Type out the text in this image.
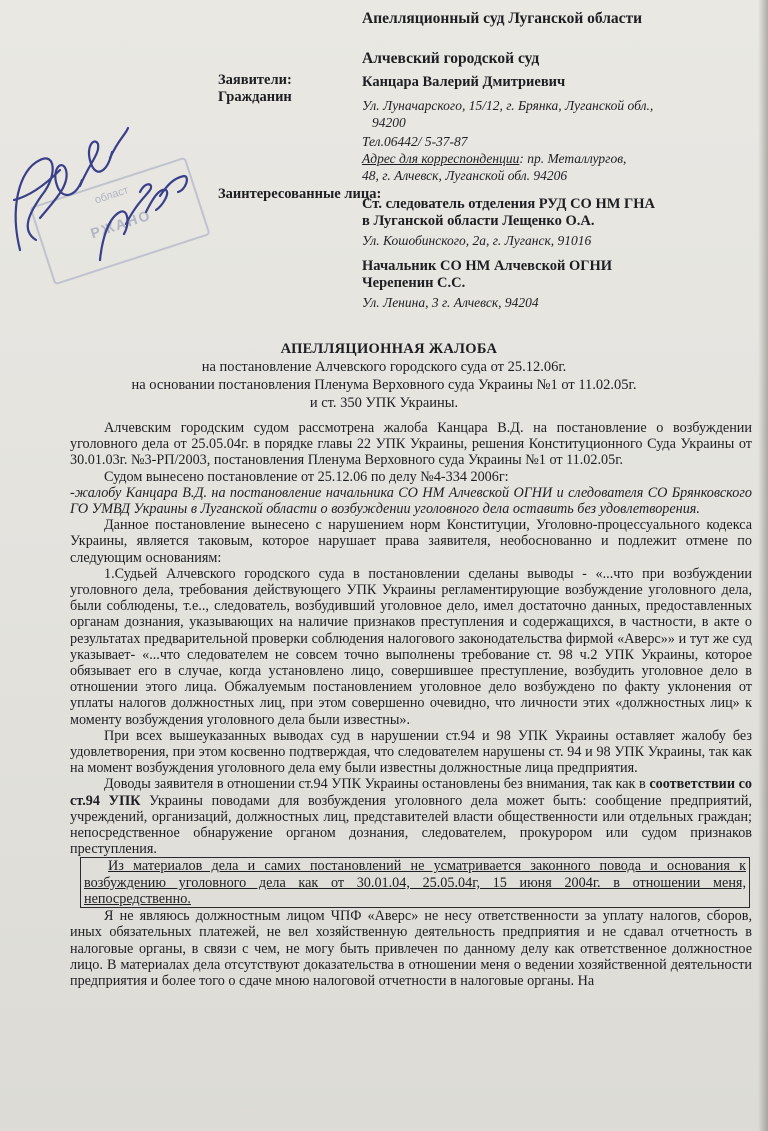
област
РЖАНО
Апелляционный суд Луганской области
Алчевский городской суд
Заявители:
Гражданин
Канцара Валерий Дмитриевич
Ул. Луначарского, 15/12, г. Брянка, Луганской обл.,
94200
Тел.06442/ 5-37-87
Адрес для корреспонденции: пр. Металлургов,
48, г. Алчевск, Луганской обл. 94206
Заинтересованные лица:
Ст. следователь отделения РУД СО НМ ГНА
в Луганской области Лещенко О.А.
Ул. Кошобинского, 2а, г. Луганск, 91016
Начальник СО НМ Алчевской ОГНИ
Черепенин С.С.
Ул. Ленина, 3 г. Алчевск, 94204
АПЕЛЛЯЦИОННАЯ ЖАЛОБА
на постановление Алчевского городского суда от 25.12.06г.
на основании постановления Пленума Верховного суда Украины №1 от 11.02.05г.
и ст. 350 УПК Украины.

Алчевским городским судом рассмотрена жалоба Канцара В.Д. на постановление о возбуждении уголовного дела от 25.05.04г. в порядке главы 22 УПК Украины, решения Конституционного Суда Украины от 30.01.03г. №3-РП/2003, постановления Пленума Верховного суда Украины №1 от 11.02.05г.

Судом вынесено постановление от 25.12.06 по делу №4-334 2006г:

-жалобу Канцара В.Д. на постановление начальника СО НМ Алчевской ОГНИ и следователя СО Брянковского ГО УМВД Украины в Луганской области о возбуждении уголовного дела оставить без удовлетворения.

Данное постановление вынесено с нарушением норм Конституции, Уголовно-процессуального кодекса Украины, является таковым, которое нарушает права заявителя, необоснованно и подлежит отмене по следующим основаниям:

1.Судьей Алчевского городского суда в постановлении сделаны выводы - «...что при возбуждении уголовного дела, требования действующего УПК Украины регламентирующие возбуждение уголовного дела, были соблюдены, т.е.., следователь, возбудивший уголовное дело, имел достаточно данных, предоставленных органам дознания, указывающих на наличие признаков преступления и содержащихся, в частности, в акте о результатах предварительной проверки соблюдения налогового законодательства фирмой «Аверс»» и тут же суд указывает- «...что следователем не совсем точно выполнены требование ст. 98 ч.2 УПК Украины, которое обязывает его в случае, когда установлено лицо, совершившее преступление, возбудить уголовное дело в отношении этого лица. Обжалуемым постановлением уголовное дело возбуждено по факту уклонения от уплаты налогов должностных лиц, при этом совершенно очевидно, что личности этих «должностных лиц» к моменту возбуждения уголовного дела были известны».

При всех вышеуказанных выводах суд в нарушении ст.94 и 98 УПК Украины оставляет жалобу без удовлетворения, при этом косвенно подтверждая, что следователем нарушены ст. 94 и 98 УПК Украины, так как на момент возбуждения уголовного дела ему были известны должностные лица предприятия.

Доводы заявителя в отношении ст.94 УПК Украины остановлены без внимания, так как в соответствии со ст.94 УПК Украины поводами для возбуждения уголовного дела может быть: сообщение предприятий, учреждений, организаций, должностных лиц, представителей власти общественности или отдельных граждан; непосредственное обнаружение органом дознания, следователем, прокурором или судом признаков преступления.

Из материалов дела и самих постановлений не усматривается законного повода и основания к возбуждению уголовного дела как от 30.01.04, 25.05.04г, 15 июня 2004г. в отношении меня, непосредственно.

Я не являюсь должностным лицом ЧПФ «Аверс» не несу ответственности за уплату налогов, сборов, иных обязательных платежей, не вел хозяйственную деятельность предприятия и не сдавал отчетность в налоговые органы, в связи с чем, не могу быть привлечен по данному делу как ответственное должностное лицо. В материалах дела отсутствуют доказательства в отношении меня о ведении хозяйственной деятельности предприятия и более того о сдаче мною налоговой отчетности в налоговые органы. На
